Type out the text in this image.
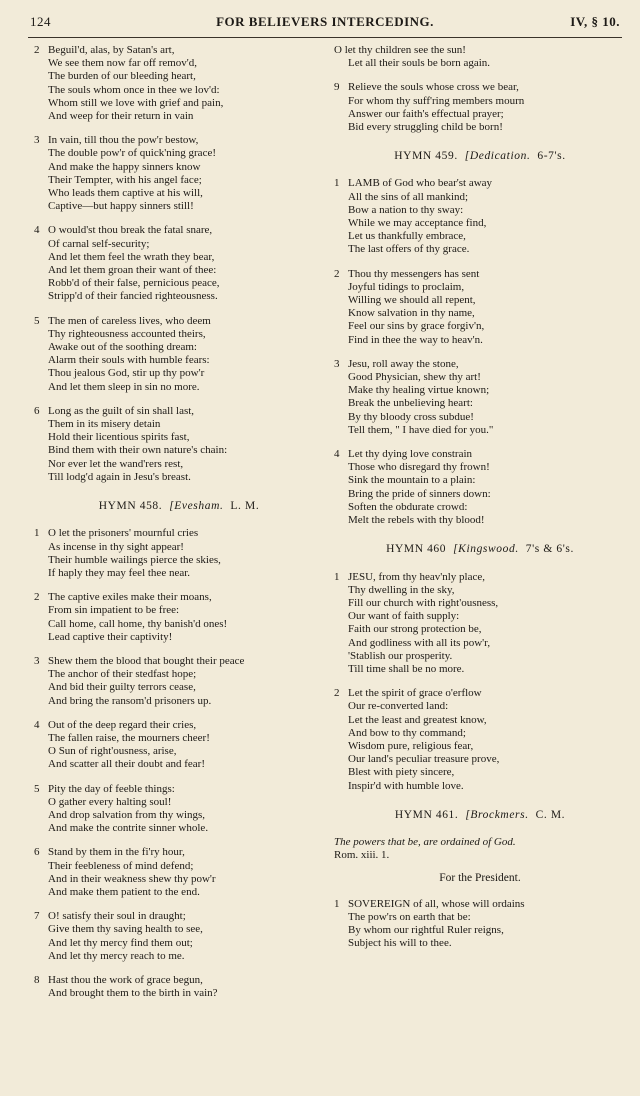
124	FOR BELIEVERS INTERCEDING.	IV, § 10.
2 Beguil'd, alas, by Satan's art,
We see them now far off remov'd,
The burden of our bleeding heart,
The souls whom once in thee we lov'd:
Whom still we love with grief and pain,
And weep for their return in vain
3 In vain, till thou the pow'r bestow,
The double pow'r of quick'ning grace!
And make the happy sinners know
Their Tempter, with his angel face;
Who leads them captive at his will,
Captive—but happy sinners still!
4 O would'st thou break the fatal snare,
Of carnal self-security;
And let them feel the wrath they bear,
And let them groan their want of thee:
Robb'd of their false, pernicious peace,
Stripp'd of their fancied righteousness.
5 The men of careless lives, who deem
Thy righteousness accounted theirs,
Awake out of the soothing dream:
Alarm their souls with humble fears:
Thou jealous God, stir up thy pow'r
And let them sleep in sin no more.
6 Long as the guilt of sin shall last,
Them in its misery detain
Hold their licentious spirits fast,
Bind them with their own nature's chain:
Nor ever let the wand'rers rest,
Till lodg'd again in Jesu's breast.
HYMN 458. [Evesham. L. M.
1 O let the prisoners' mournful cries
As incense in thy sight appear!
Their humble wailings pierce the skies,
If haply they may feel thee near.
2 The captive exiles make their moans,
From sin impatient to be free:
Call home, call home, thy banish'd ones!
Lead captive their captivity!
3 Shew them the blood that bought their peace
The anchor of their stedfast hope;
And bid their guilty terrors cease,
And bring the ransom'd prisoners up.
4 Out of the deep regard their cries,
The fallen raise, the mourners cheer!
O Sun of right'ousness, arise,
And scatter all their doubt and fear!
5 Pity the day of feeble things:
O gather every halting soul!
And drop salvation from thy wings,
And make the contrite sinner whole.
6 Stand by them in the fi'ry hour,
Their feebleness of mind defend;
And in their weakness shew thy pow'r
And make them patient to the end.
7 O! satisfy their soul in draught;
Give them thy saving health to see,
And let thy mercy find them out;
And let thy mercy reach to me.
8 Hast thou the work of grace begun,
And brought them to the birth in vain?
O let thy children see the sun!
Let all their souls be born again.
9 Relieve the souls whose cross we bear,
For whom thy suff'ring members mourn
Answer our faith's effectual prayer;
Bid every struggling child be born!
HYMN 459. [Dedication. 6-7's.
1 LAMB of God who bear'st away
All the sins of all mankind;
Bow a nation to thy sway:
While we may acceptance find,
Let us thankfully embrace,
The last offers of thy grace.
2 Thou thy messengers has sent
Joyful tidings to proclaim,
Willing we should all repent,
Know salvation in thy name,
Feel our sins by grace forgiv'n,
Find in thee the way to heav'n.
3 Jesu, roll away the stone,
Good Physician, shew thy art!
Make thy healing virtue known;
Break the unbelieving heart:
By thy bloody cross subdue!
Tell them, " I have died for you."
4 Let thy dying love constrain
Those who disregard thy frown!
Sink the mountain to a plain:
Bring the pride of sinners down:
Soften the obdurate crowd:
Melt the rebels with thy blood!
HYMN 460 [Kingswood. 7's & 6's.
1 JESU, from thy heav'nly place,
Thy dwelling in the sky,
Fill our church with right'ousness,
Our want of faith supply:
Faith our strong protection be,
And godliness with all its pow'r,
'Stablish our prosperity.
Till time shall be no more.
2 Let the spirit of grace o'erflow
Our re-converted land:
Let the least and greatest know,
And bow to thy command;
Wisdom pure, religious fear,
Our land's peculiar treasure prove,
Blest with piety sincere,
Inspir'd with humble love.
HYMN 461. [Brockmers. C. M.
The powers that be, are ordained of God.
Rom. xiii. 1.
For the President.
1 SOVEREIGN of all, whose will ordains
The pow'rs on earth that be:
By whom our rightful Ruler reigns,
Subject his will to thee.
